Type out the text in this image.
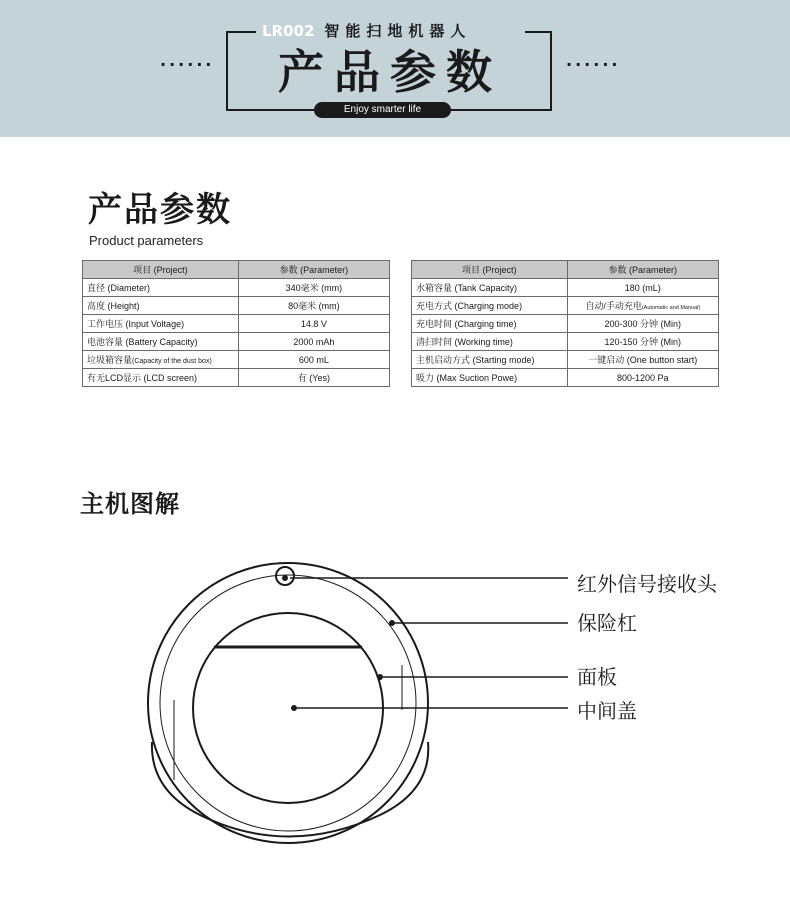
LR002 智能扫地机器人
产品参数
······	······
Enjoy smarter life
产品参数
Product parameters
项目 (Project)	参数 (Parameter)
直径 (Diameter)	340毫米 (mm)
高度 (Height)	80毫米 (mm)
工作电压 (Input Voltage)	14.8 V
电池容量 (Battery Capacity)	2000 mAh
垃圾箱容量(Capacity of the dust box)	600 mL
有无LCD显示 (LCD screen)	有 (Yes)
项目 (Project)	参数 (Parameter)
水箱容量 (Tank Capacity)	180 (mL)
充电方式 (Charging mode)	自动/手动充电(Automatic and Manual)
充电时间 (Charging time)	200-300 分钟 (Min)
清扫时间 (Working time)	120-150 分钟 (Min)
主机启动方式 (Starting mode)	一键启动 (One button start)
吸力 (Max Suction Powe)	800-1200 Pa
主机图解
红外信号接收头
保险杠
面板
中间盖
